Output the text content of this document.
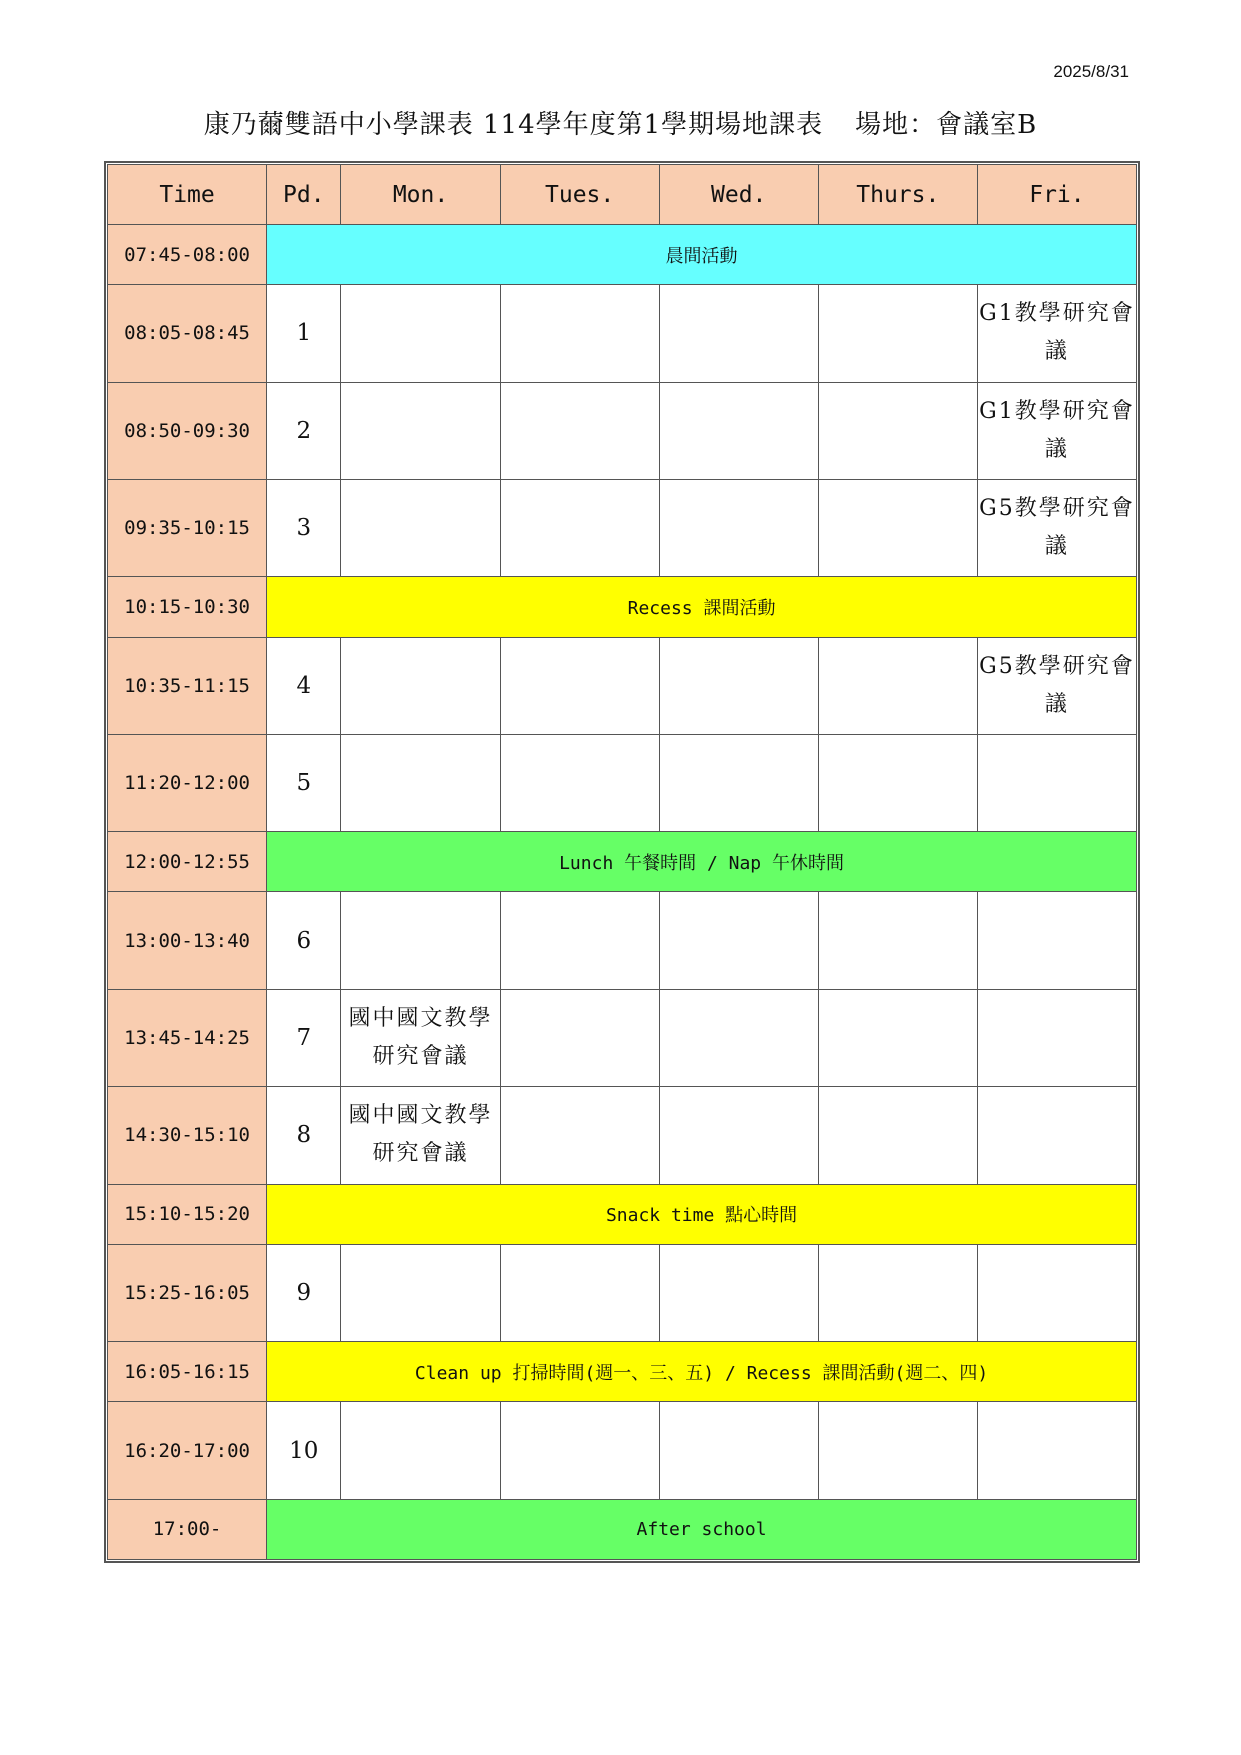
2025/8/31
康乃薾雙語中小學課表 114學年度第1學期場地課表 場地：會議室B
Time	Pd.	Mon.	Tues.	Wed.	Thurs.	Fri.
07:45-08:00	晨間活動					
08:05-08:45	1					G1教學研究會議
08:50-09:30	2					G1教學研究會議
09:35-10:15	3					G5教學研究會議
10:15-10:30	Recess 課間活動					
10:35-11:15	4					G5教學研究會議
11:20-12:00	5					
12:00-12:55	Lunch 午餐時間 / Nap 午休時間					
13:00-13:40	6					
13:45-14:25	7	國中國文教學研究會議				
14:30-15:10	8	國中國文教學研究會議				
15:10-15:20	Snack time 點心時間					
15:25-16:05	9					
16:05-16:15	Clean up 打掃時間(週一、三、五) / Recess 課間活動(週二、四)					
16:20-17:00	10					
17:00-	After school					
